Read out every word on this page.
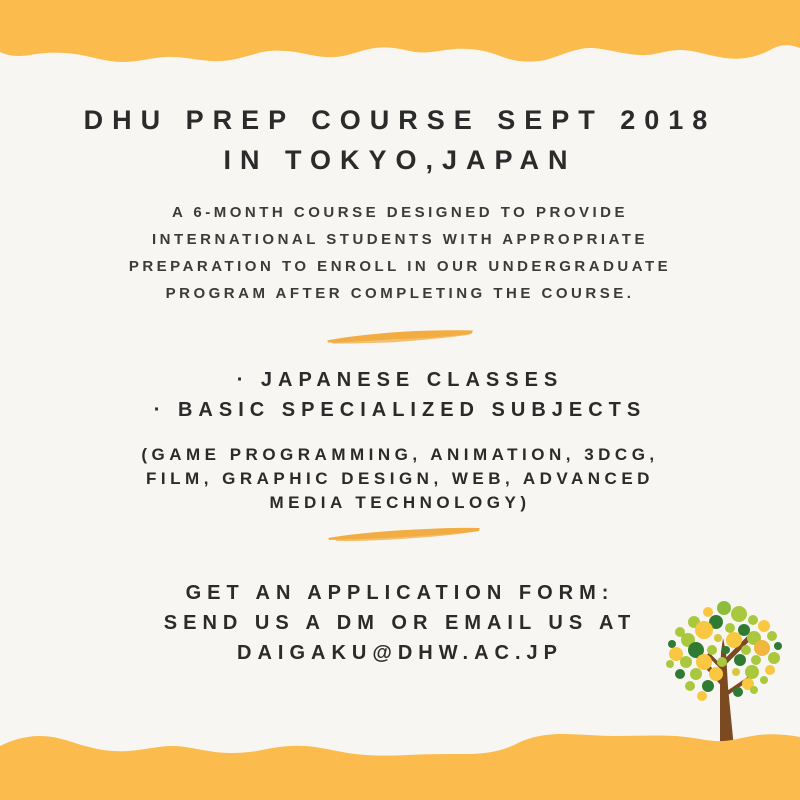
DHU PREP COURSE SEPT 2018
IN TOKYO,JAPAN
A 6-MONTH COURSE DESIGNED TO PROVIDE
INTERNATIONAL STUDENTS WITH APPROPRIATE
PREPARATION TO ENROLL IN OUR UNDERGRADUATE
PROGRAM AFTER COMPLETING THE COURSE.
· JAPANESE CLASSES
· BASIC SPECIALIZED SUBJECTS
(GAME PROGRAMMING, ANIMATION, 3DCG,
FILM, GRAPHIC DESIGN, WEB, ADVANCED
MEDIA TECHNOLOGY)
GET AN APPLICATION FORM:
SEND US A DM OR EMAIL US AT
DAIGAKU@DHW.AC.JP
